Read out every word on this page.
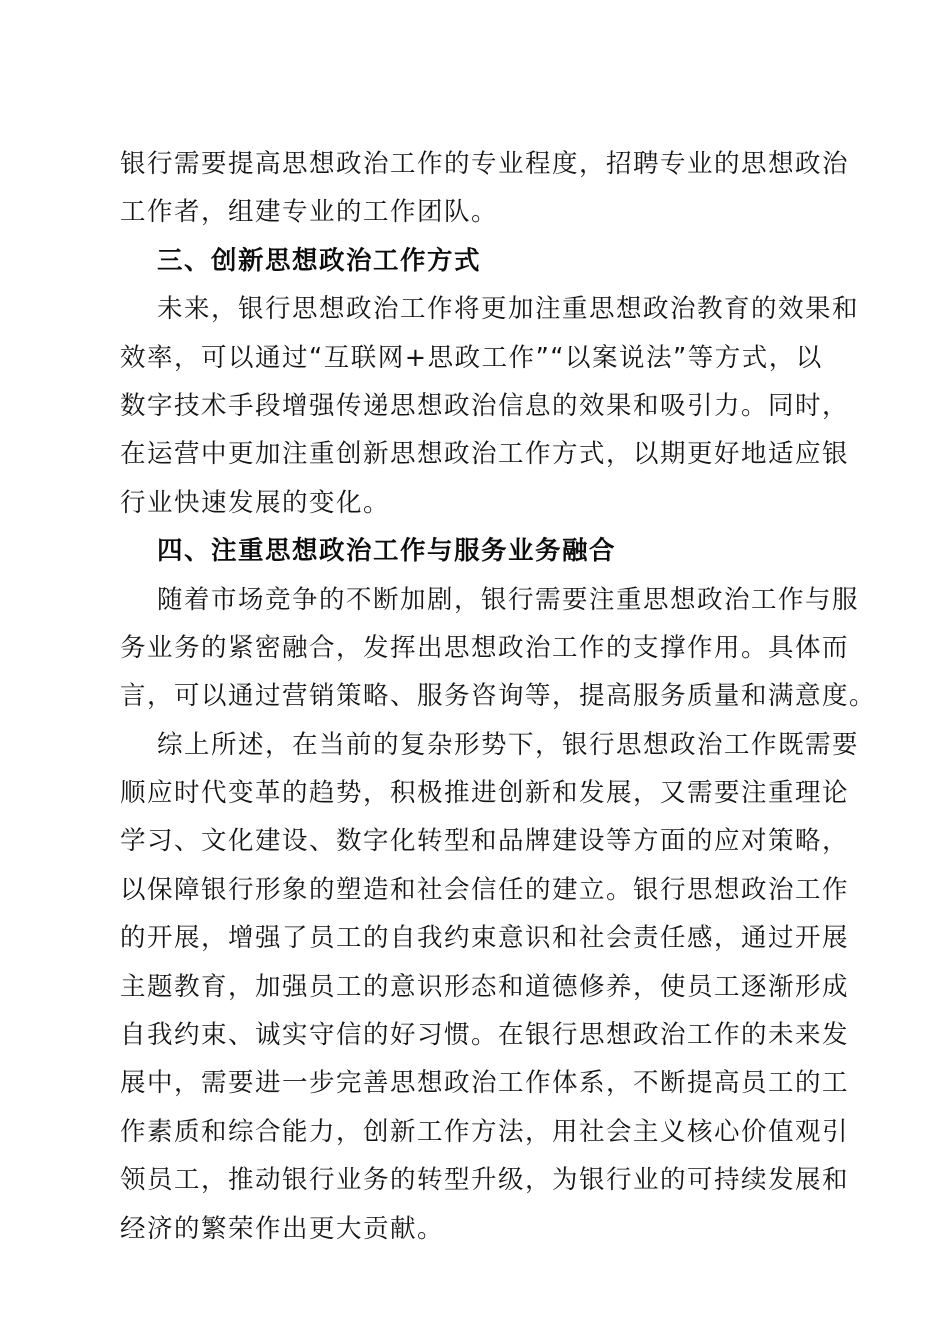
银行需要提高思想政治工作的专业程度，招聘专业的思想政治
工作者，组建专业的工作团队。
三、创新思想政治工作方式
未来，银行思想政治工作将更加注重思想政治教育的效果和
效率，可以通过“互联网+思政工作”“以案说法”等方式，以
数字技术手段增强传递思想政治信息的效果和吸引力。同时，
在运营中更加注重创新思想政治工作方式，以期更好地适应银
行业快速发展的变化。
四、注重思想政治工作与服务业务融合
随着市场竞争的不断加剧，银行需要注重思想政治工作与服
务业务的紧密融合，发挥出思想政治工作的支撑作用。具体而
言，可以通过营销策略、服务咨询等，提高服务质量和满意度。
综上所述，在当前的复杂形势下，银行思想政治工作既需要
顺应时代变革的趋势，积极推进创新和发展，又需要注重理论
学习、文化建设、数字化转型和品牌建设等方面的应对策略，
以保障银行形象的塑造和社会信任的建立。银行思想政治工作
的开展，增强了员工的自我约束意识和社会责任感，通过开展
主题教育，加强员工的意识形态和道德修养，使员工逐渐形成
自我约束、诚实守信的好习惯。在银行思想政治工作的未来发
展中，需要进一步完善思想政治工作体系，不断提高员工的工
作素质和综合能力，创新工作方法，用社会主义核心价值观引
领员工，推动银行业务的转型升级，为银行业的可持续发展和
经济的繁荣作出更大贡献。
